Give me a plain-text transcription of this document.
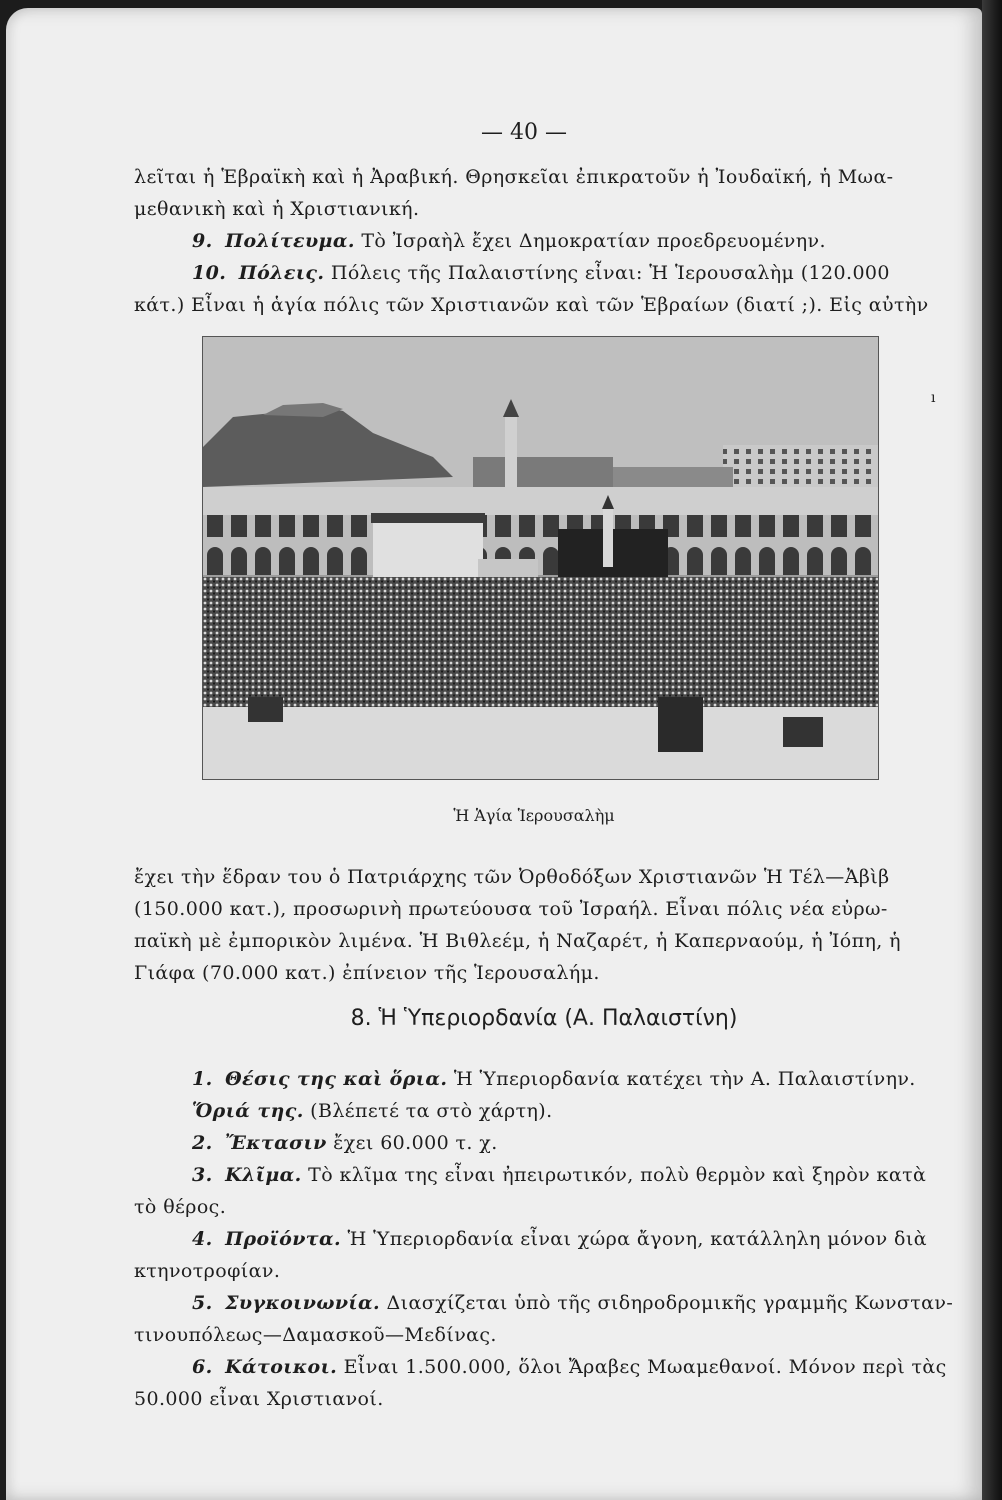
— 40 —
λεῖται ἡ Ἑβραϊκὴ καὶ ἡ Ἀραβική. Θρησκεῖαι ἐπικρατοῦν ἡ Ἰουδαϊκή, ἡ Μωα-
μεθανικὴ καὶ ἡ Χριστιανική.
9. Πολίτευμα. Τὸ Ἰσραὴλ ἔχει Δημοκρατίαν προεδρευομένην.
10. Πόλεις. Πόλεις τῆς Παλαιστίνης εἶναι: Ἡ Ἱερουσαλὴμ (120.000
κάτ.) Εἶναι ἡ ἁγία πόλις τῶν Χριστιανῶν καὶ τῶν Ἑβραίων (διατί ;). Εἰς αὐτὴν
ı
Ἡ Ἁγία Ἱερουσαλὴμ
ἔχει τὴν ἕδραν του ὁ Πατριάρχης τῶν Ὀρθοδόξων Χριστιανῶν Ἡ Τέλ—Ἀβὶβ
(150.000 κατ.), προσωρινὴ πρωτεύουσα τοῦ Ἰσραήλ. Εἶναι πόλις νέα εὐρω-
παϊκὴ μὲ ἐμπορικὸν λιμένα. Ἡ Βιθλεέμ, ἡ Ναζαρέτ, ἡ Καπερναούμ, ἡ Ἰόπη, ἡ
Γιάφα (70.000 κατ.) ἐπίνειον τῆς Ἱερουσαλήμ.
8. Ἡ Ὑπεριορδανία (Α. Παλαιστίνη)
1. Θέσις της καὶ ὅρια. Ἡ Ὑπεριορδανία κατέχει τὴν Α. Παλαιστίνην.
Ὅριά της. (Βλέπετέ τα στὸ χάρτη).
2. Ἔκτασιν ἔχει 60.000 τ. χ.
3. Κλῖμα. Τὸ κλῖμα της εἶναι ἠπειρωτικόν, πολὺ θερμὸν καὶ ξηρὸν κατὰ
τὸ θέρος.
4. Προϊόντα. Ἡ Ὑπεριορδανία εἶναι χώρα ἄγονη, κατάλληλη μόνον διὰ
κτηνοτροφίαν.
5. Συγκοινωνία. Διασχίζεται ὑπὸ τῆς σιδηροδρομικῆς γραμμῆς Κωνσταν-
τινουπόλεως—Δαμασκοῦ—Μεδίνας.
6. Κάτοικοι. Εἶναι 1.500.000, ὅλοι Ἄραβες Μωαμεθανοί. Μόνον περὶ τὰς
50.000 εἶναι Χριστιανοί.
